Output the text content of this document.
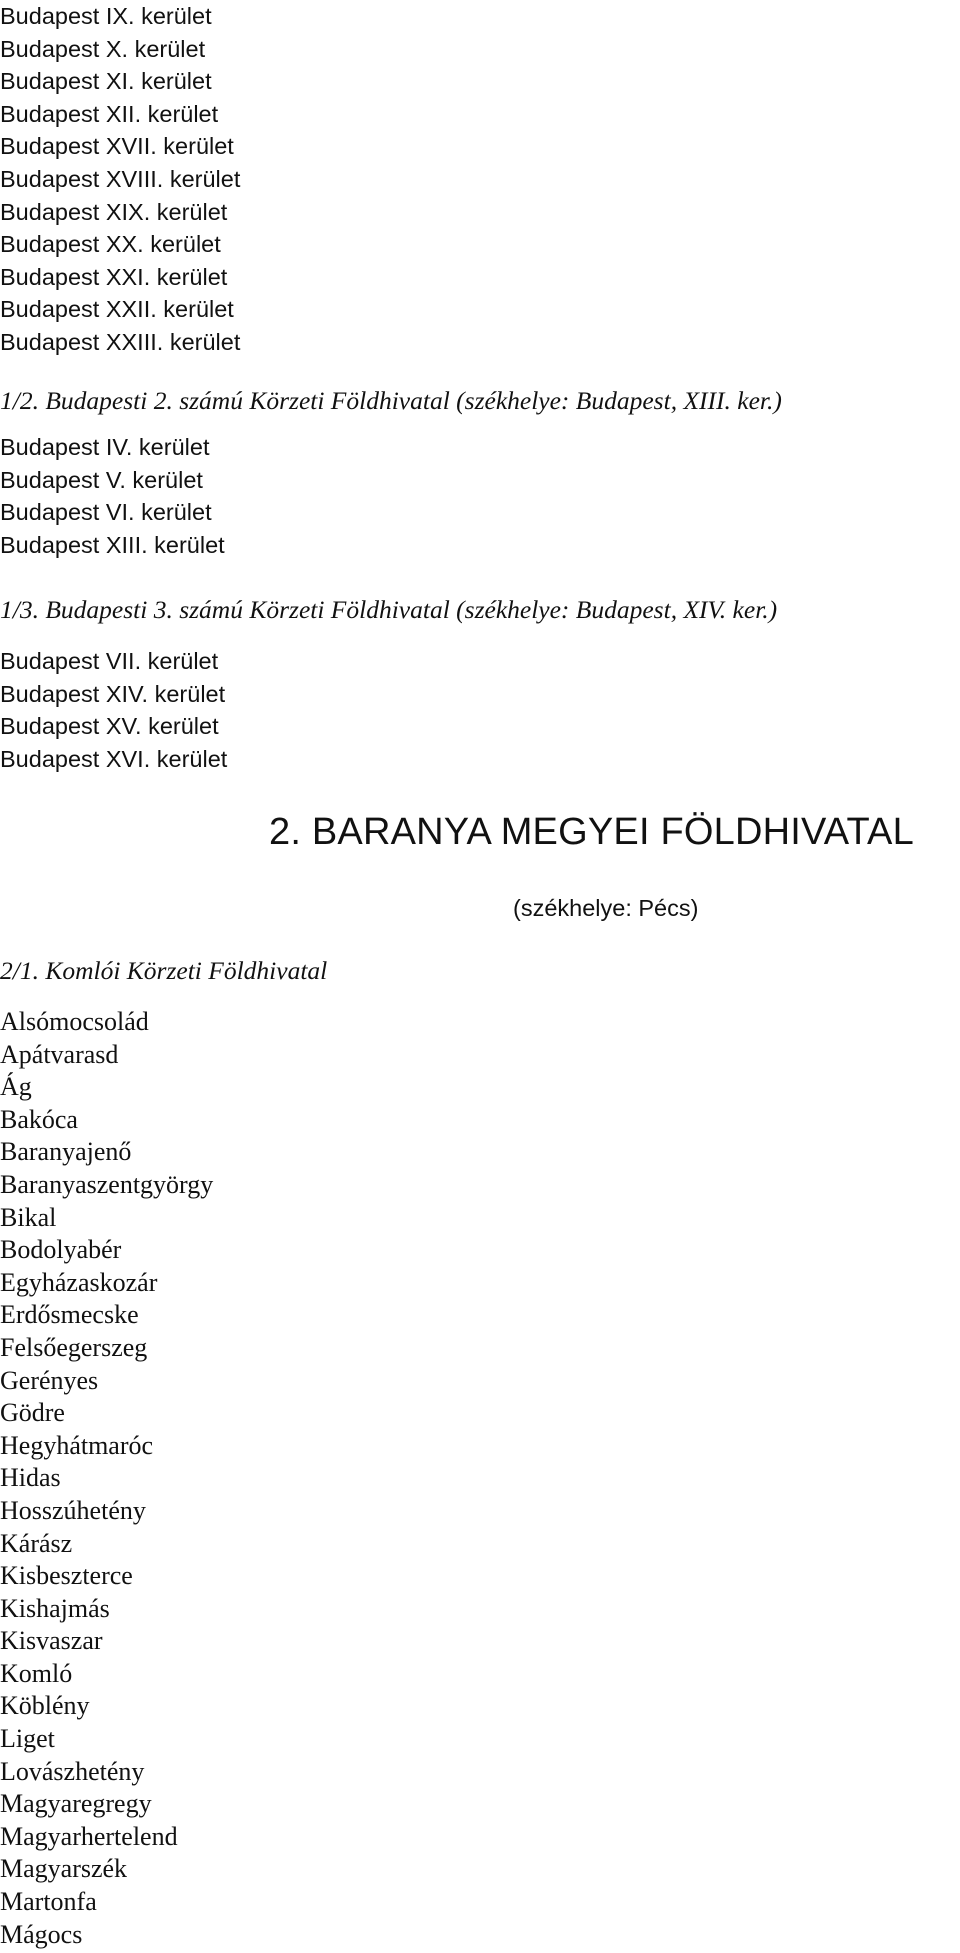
Budapest IX. kerület
Budapest X. kerület
Budapest XI. kerület
Budapest XII. kerület
Budapest XVII. kerület
Budapest XVIII. kerület
Budapest XIX. kerület
Budapest XX. kerület
Budapest XXI. kerület
Budapest XXII. kerület
Budapest XXIII. kerület
1/2. Budapesti 2. számú Körzeti Földhivatal (székhelye: Budapest, XIII. ker.)
Budapest IV. kerület
Budapest V. kerület
Budapest VI. kerület
Budapest XIII. kerület
1/3. Budapesti 3. számú Körzeti Földhivatal (székhelye: Budapest, XIV. ker.)
Budapest VII. kerület
Budapest XIV. kerület
Budapest XV. kerület
Budapest XVI. kerület
2. BARANYA MEGYEI FÖLDHIVATAL
(székhelye: Pécs)
2/1. Komlói Körzeti Földhivatal
Alsómocsolád
Apátvarasd
Ág
Bakóca
Baranyajenő
Baranyaszentgyörgy
Bikal
Bodolyabér
Egyházaskozár
Erdősmecske
Felsőegerszeg
Gerényes
Gödre
Hegyhátmaróc
Hidas
Hosszúhetény
Kárász
Kisbeszterce
Kishajmás
Kisvaszar
Komló
Köblény
Liget
Lovászhetény
Magyaregregy
Magyarhertelend
Magyarszék
Martonfa
Mágocs
